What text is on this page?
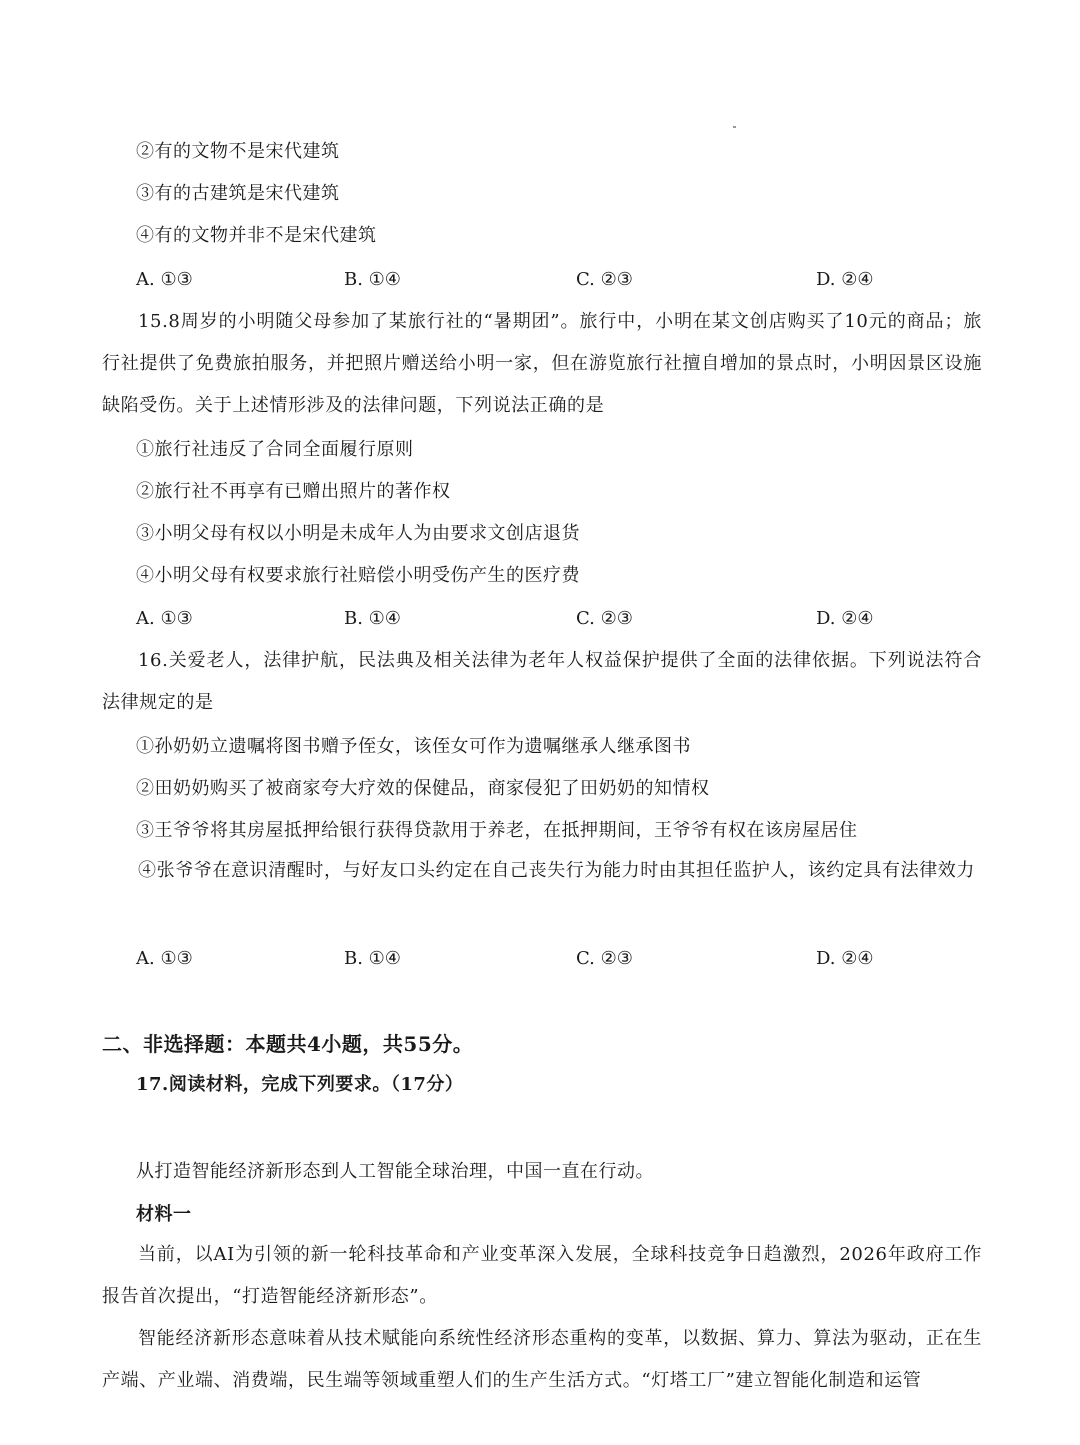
②有的文物不是宋代建筑
③有的古建筑是宋代建筑
④有的文物并非不是宋代建筑
A. ①③	B. ①④	C. ②③	D. ②④
15.8周岁的小明随父母参加了某旅行社的“暑期团”。旅行中，小明在某文创店购买了10元的商品；旅行社提供了免费旅拍服务，并把照片赠送给小明一家，但在游览旅行社擅自增加的景点时，小明因景区设施缺陷受伤。关于上述情形涉及的法律问题，下列说法正确的是
①旅行社违反了合同全面履行原则
②旅行社不再享有已赠出照片的著作权
③小明父母有权以小明是未成年人为由要求文创店退货
④小明父母有权要求旅行社赔偿小明受伤产生的医疗费
A. ①③	B. ①④	C. ②③	D. ②④
16.关爱老人，法律护航，民法典及相关法律为老年人权益保护提供了全面的法律依据。下列说法符合法律规定的是
①孙奶奶立遗嘱将图书赠予侄女，该侄女可作为遗嘱继承人继承图书
②田奶奶购买了被商家夸大疗效的保健品，商家侵犯了田奶奶的知情权
③王爷爷将其房屋抵押给银行获得贷款用于养老，在抵押期间，王爷爷有权在该房屋居住
④张爷爷在意识清醒时，与好友口头约定在自己丧失行为能力时由其担任监护人，该约定具有法律效力
A. ①③	B. ①④	C. ②③	D. ②④
二、非选择题：本题共4小题，共55分。
17.阅读材料，完成下列要求。（17分）
从打造智能经济新形态到人工智能全球治理，中国一直在行动。
材料一
当前，以AI为引领的新一轮科技革命和产业变革深入发展，全球科技竞争日趋激烈，2026年政府工作报告首次提出，“打造智能经济新形态”。
智能经济新形态意味着从技术赋能向系统性经济形态重构的变革，以数据、算力、算法为驱动，正在生产端、产业端、消费端，民生端等领域重塑人们的生产生活方式。“灯塔工厂”建立智能化制造和运管
